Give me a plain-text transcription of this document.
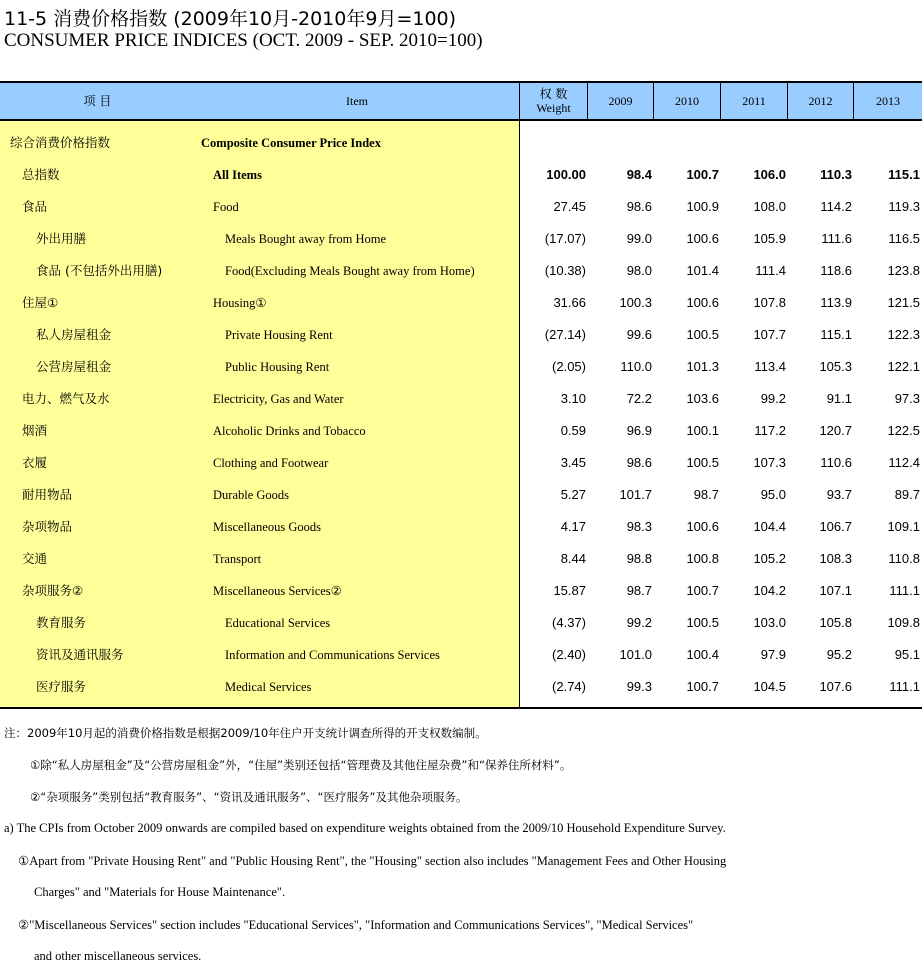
11-5 消费价格指数 (2009年10月-2010年9月=100)
CONSUMER PRICE INDICES (OCT. 2009 - SEP. 2010=100)
项 目	Item	权 数
Weight	2009	2010	2011	2012	2013
综合消费价格指数	Composite Consumer Price Index
总指数	All Items	100.00	98.4	100.7	106.0	110.3	115.1
食品	Food	27.45	98.6	100.9	108.0	114.2	119.3
外出用膳	Meals Bought away from Home	(17.07)	99.0	100.6	105.9	111.6	116.5
食品 (不包括外出用膳)	Food(Excluding Meals Bought away from Home)	(10.38)	98.0	101.4	111.4	118.6	123.8
住屋①	Housing①	31.66	100.3	100.6	107.8	113.9	121.5
私人房屋租金	Private Housing Rent	(27.14)	99.6	100.5	107.7	115.1	122.3
公营房屋租金	Public Housing Rent	(2.05)	110.0	101.3	113.4	105.3	122.1
电力、燃气及水	Electricity, Gas and Water	3.10	72.2	103.6	99.2	91.1	97.3
烟酒	Alcoholic Drinks and Tobacco	0.59	96.9	100.1	117.2	120.7	122.5
衣履	Clothing and Footwear	3.45	98.6	100.5	107.3	110.6	112.4
耐用物品	Durable Goods	5.27	101.7	98.7	95.0	93.7	89.7
杂项物品	Miscellaneous Goods	4.17	98.3	100.6	104.4	106.7	109.1
交通	Transport	8.44	98.8	100.8	105.2	108.3	110.8
杂项服务②	Miscellaneous Services②	15.87	98.7	100.7	104.2	107.1	111.1
教育服务	Educational Services	(4.37)	99.2	100.5	103.0	105.8	109.8
资讯及通讯服务	Information and Communications Services	(2.40)	101.0	100.4	97.9	95.2	95.1
医疗服务	Medical Services	(2.74)	99.3	100.7	104.5	107.6	111.1
注：2009年10月起的消费价格指数是根据2009/10年住户开支统计调查所得的开支权数编制。
①除“私人房屋租金”及“公营房屋租金”外，“住屋”类别还包括“管理费及其他住屋杂费”和“保养住所材料”。
②“杂项服务”类别包括“教育服务”、“资讯及通讯服务”、“医疗服务”及其他杂项服务。
a) The CPIs from October 2009 onwards are compiled based on expenditure weights obtained from the 2009/10 Household Expenditure Survey.
①Apart from "Private Housing Rent" and "Public Housing Rent", the "Housing" section also includes "Management Fees and Other Housing
Charges" and "Materials for House Maintenance".
②"Miscellaneous Services" section includes "Educational Services", "Information and Communications Services", "Medical Services"
and other miscellaneous services.
